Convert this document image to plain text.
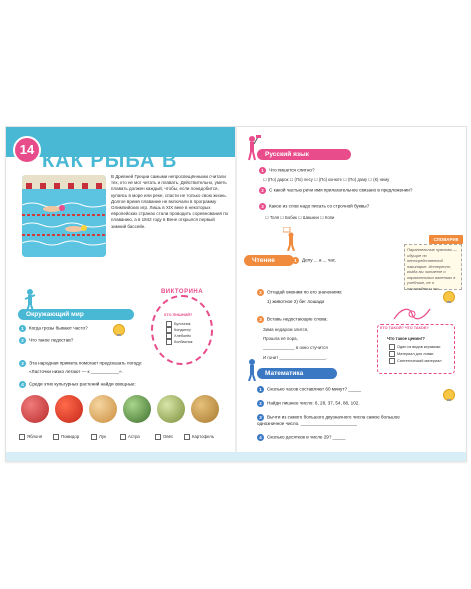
14
КАК РЫБА В
В Древней Греции самыми непросвещёнными считали тех, кто не мог читать и плавать. Действительно, уметь плавать должен каждый, чтобы, если понадобится, купаясь в море или реке, спасти не только свою жизнь. Долгое время плавание не включали в программу Олимпийских игр. Лишь в XIX веке в некоторых европейских странах стали проводить соревнования по плаванию, а в 1842 году в Вене открылся первый зимний бассейн.
Окружающий мир
1 Когда грозы бывают часто?
2 Что такое ледостав?
3 Эта народная примета помогает предсказать погоду:
«Ласточки низко летают — к ___________».
4 Среди этих культурных растений найди овощные:
ВИКТОРИНА
КТО ЛИШНИЙ?
Булочник
Кондитер
Хлебопёк
Колбасник
Яблоня	Помидор	Лук	Астра	Овёс	Картофель
Русский язык
1 Что пишется слитно?
☐ (По) дарок ☐ (По) лесу ☐ (По) конюте ☐ (По) дому ☐ (К) нему
2 С какой частью речи имя прилагательное связано в предложении?
3 Какое из слов надо писать со строчной буквы?
☐ Толя ☐ Бобик ☐ Шишкин ☐ Копи
СЛОВАРИК
Параллельные чувства — идущие по непосредственной накипарке. Интересно, когда вы читаете о параллельных явлениях в учебнике, не о наслаждении ты.
Чтение	1 Делу ... а ... час.
2 Отгадай омоним по его значениям:
1) животное 2) бег лошади
3 Вставь недостающие слова:
Зима недаром злится,
Прошла её пора,
_____________ в окно стучится
И гонит ___________________.
КТО ТАКОЙ? ЧТО ТАКОЕ?
Что такое ценинг?
Один из видов керамики
Материал для ловки
Синтетический материал
Математика
1 Сколько часов составляют 60 минут? _____
2 Найди лишнее число: 6, 28, 37, 54, 88, 102.
3 Вычти из самого большого двузначного числа самое большое однозначное число. ______________________
4 Сколько десятков в числе 29? _____
